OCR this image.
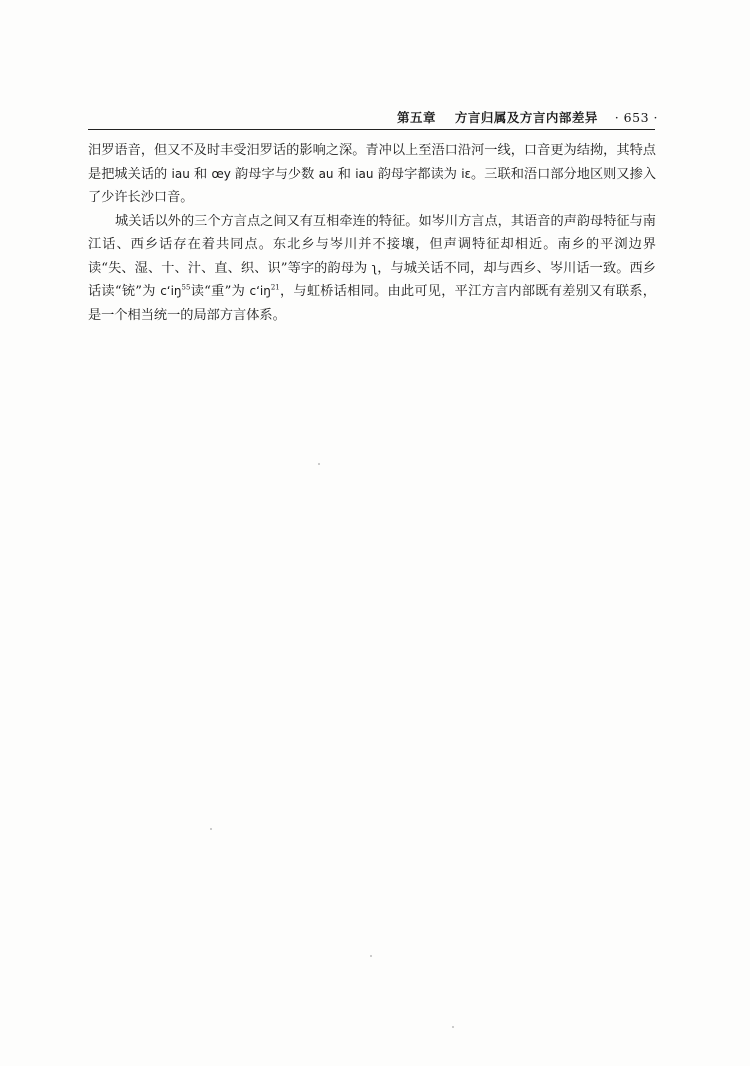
第五章 方言归属及方言内部差异 · 653 ·

汨罗语音，但又不及时丰受汨罗话的影响之深。青冲以上至浯口沿河一线，口音更为结拗，其特点是把城关话的 iau 和 œy 韵母字与少数 au 和 iau 韵母字都读为 iɛ。三联和浯口部分地区则又掺入了少许长沙口音。

城关话以外的三个方言点之间又有互相牵连的特征。如岑川方言点，其语音的声韵母特征与南江话、西乡话存在着共同点。东北乡与岑川并不接壤，但声调特征却相近。南乡的平浏边界读“失、湿、十、汁、直、织、识”等字的韵母为 ʅ，与城关话不同，却与西乡、岑川话一致。西乡话读“铳”为 cʻiŋ$^{55}$读“重”为 cʻiŋ$^{21}$，与虹桥话相同。由此可见，平江方言内部既有差别又有联系，是一个相当统一的局部方言体系。
